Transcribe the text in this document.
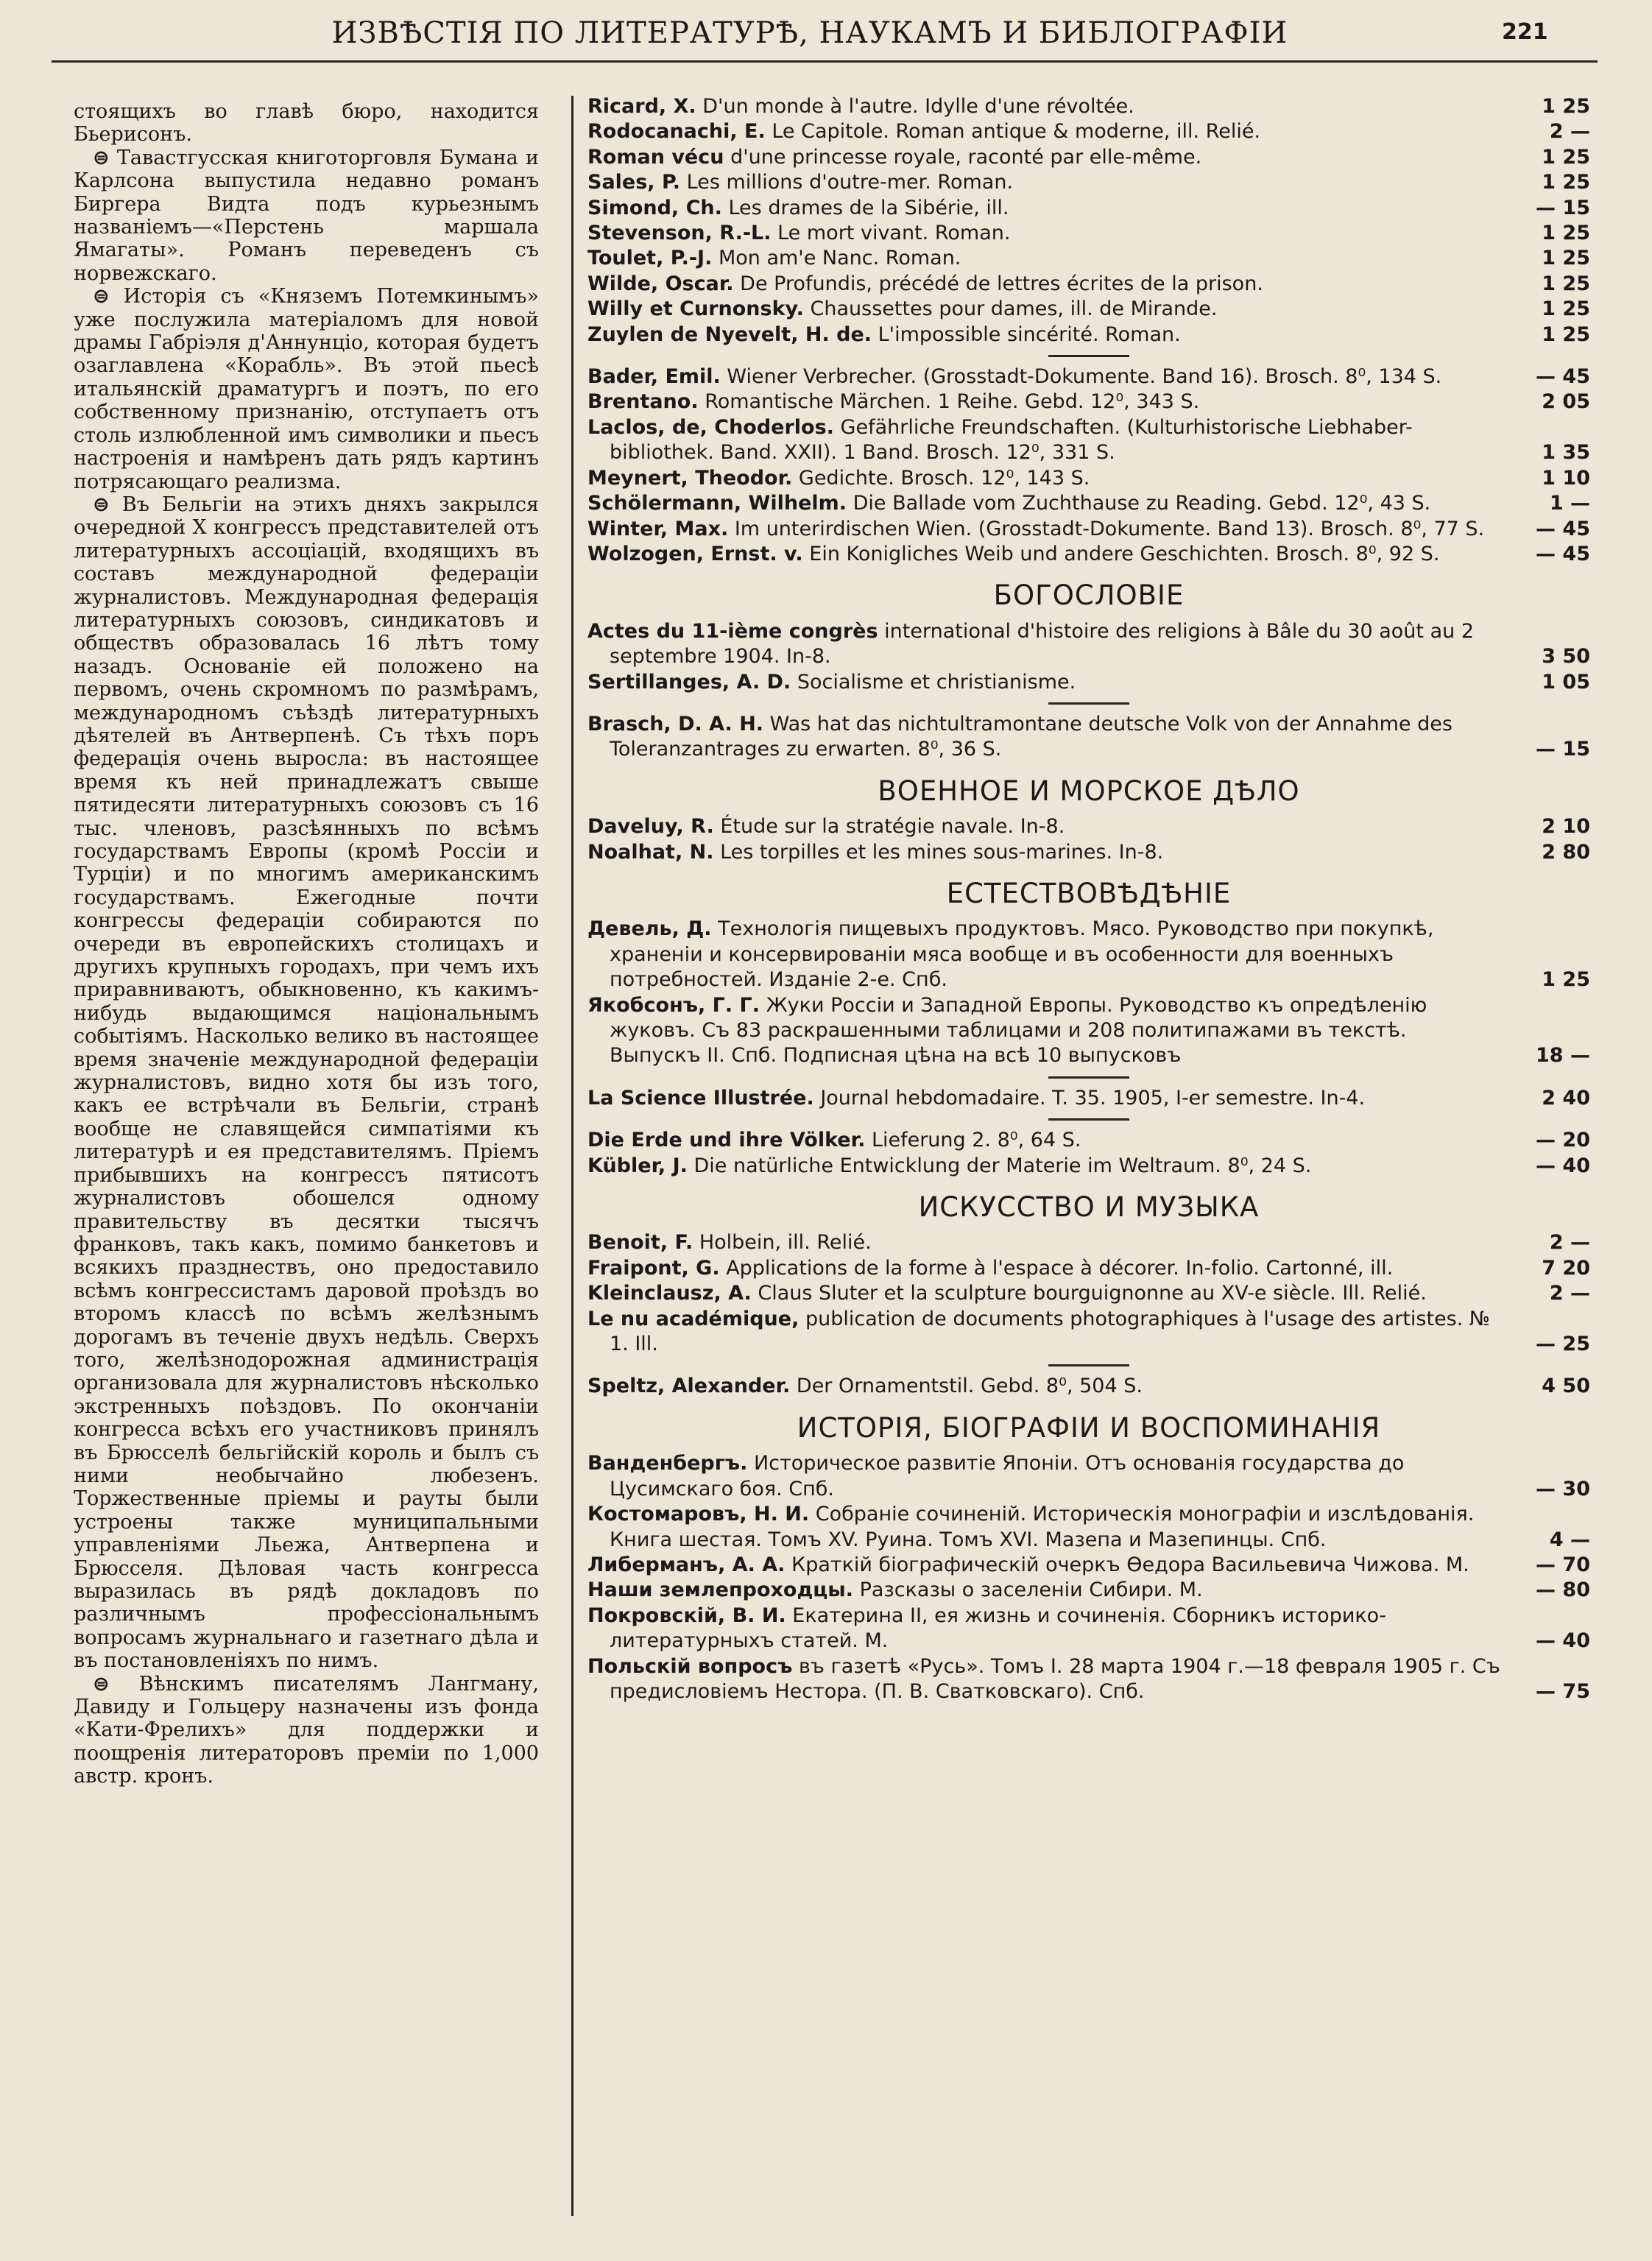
ИЗВѢСТІЯ ПО ЛИТЕРАТУРѢ, НАУКАМЪ И БИБЛОГРАФІИ	221

стоящихъ во главѣ бюро, находится Бьерисонъ.

⊜ Тавастгусская книготорговля Бумана и Карлсона выпустила недавно романъ Биргера Видта подъ курьезнымъ названіемъ—«Перстень маршала Ямагаты». Романъ переведенъ съ норвежскаго.

⊜ Исторія съ «Княземъ Потемкинымъ» уже послужила матеріаломъ для новой драмы Габріэля д'Аннунціо, которая будетъ озаглавлена «Корабль». Въ этой пьесѣ итальянскій драматургъ и поэтъ, по его собственному признанію, отступаетъ отъ столь излюбленной имъ символики и пьесъ настроенія и намѣренъ дать рядъ картинъ потрясающаго реализма.

⊜ Въ Бельгіи на этихъ дняхъ закрылся очередной X конгрессъ представителей отъ литературныхъ ассоціацій, входящихъ въ составъ международной федераціи журналистовъ. Международная федерація литературныхъ союзовъ, синдикатовъ и обществъ образовалась 16 лѣтъ тому назадъ. Основаніе ей положено на первомъ, очень скромномъ по размѣрамъ, международномъ съѣздѣ литературныхъ дѣятелей въ Антверпенѣ. Съ тѣхъ поръ федерація очень выросла: въ настоящее время къ ней принадлежатъ свыше пятидесяти литературныхъ союзовъ съ 16 тыс. членовъ, разсѣянныхъ по всѣмъ государствамъ Европы (кромѣ Россіи и Турціи) и по многимъ американскимъ государствамъ. Ежегодные почти конгрессы федераціи собираются по очереди въ европейскихъ столицахъ и другихъ крупныхъ городахъ, при чемъ ихъ приравниваютъ, обыкновенно, къ какимъ-нибудь выдающимся національнымъ событіямъ. Насколько велико въ настоящее время значеніе международной федераціи журналистовъ, видно хотя бы изъ того, какъ ее встрѣчали въ Бельгіи, странѣ вообще не славящейся симпатіями къ литературѣ и ея представителямъ. Пріемъ прибывшихъ на конгрессъ пятисотъ журналистовъ обошелся одному правительству въ десятки тысячъ франковъ, такъ какъ, помимо банкетовъ и всякихъ празднествъ, оно предоставило всѣмъ конгрессистамъ даровой проѣздъ во второмъ классѣ по всѣмъ желѣзнымъ дорогамъ въ теченіе двухъ недѣль. Сверхъ того, желѣзнодорожная администрація организовала для журналистовъ нѣсколько экстренныхъ поѣздовъ. По окончаніи конгресса всѣхъ его участниковъ принялъ въ Брюсселѣ бельгійскій король и былъ съ ними необычайно любезенъ. Торжественные пріемы и рауты были устроены также муниципальными управленіями Льежа, Антверпена и Брюсселя. Дѣловая часть конгресса выразилась въ рядѣ докладовъ по различнымъ профессіональнымъ вопросамъ журнальнаго и газетнаго дѣла и въ постановленіяхъ по нимъ.

⊜ Вѣнскимъ писателямъ Лангману, Давиду и Гольцеру назначены изъ фонда «Кати-Фрелихъ» для поддержки и поощренія литераторовъ преміи по 1,000 австр. кронъ.

Ricard, X. D'un monde à l'autre. Idylle d'une révoltée.	1 25
Rodocanachi, E. Le Capitole. Roman antique & moderne, ill. Relié.	2 —
Roman vécu d'une princesse royale, raconté par elle-même.	1 25
Sales, P. Les millions d'outre-mer. Roman.	1 25
Simond, Ch. Les drames de la Sibérie, ill.	— 15
Stevenson, R.-L. Le mort vivant. Roman.	1 25
Toulet, P.-J. Mon am'e Nanc. Roman.	1 25
Wilde, Oscar. De Profundis, précédé de lettres écrites de la prison.	1 25
Willy et Curnonsky. Chaussettes pour dames, ill. de Mirande.	1 25
Zuylen de Nyevelt, H. de. L'impossible sincérité. Roman.	1 25
Bader, Emil. Wiener Verbrecher. (Grosstadt-Dokumente. Band 16). Brosch. 8⁰, 134 S.	— 45
Brentano. Romantische Märchen. 1 Reihe. Gebd. 12⁰, 343 S.	2 05
Laclos, de, Choderlos. Gefährliche Freundschaften. (Kulturhistorische Liebhaber-bibliothek. Band. XXII). 1 Band. Brosch. 12⁰, 331 S.	1 35
Meynert, Theodor. Gedichte. Brosch. 12⁰, 143 S.	1 10
Schölermann, Wilhelm. Die Ballade vom Zuchthause zu Reading. Gebd. 12⁰, 43 S.	1 —
Winter, Max. Im unterirdischen Wien. (Grosstadt-Dokumente. Band 13). Brosch. 8⁰, 77 S.	— 45
Wolzogen, Ernst. v. Ein Konigliches Weib und andere Geschichten. Brosch. 8⁰, 92 S.	— 45
БОГОСЛОВІЕ
Actes du 11-ième congrès international d'histoire des religions à Bâle du 30 août au 2 septembre 1904. In-8.	3 50
Sertillanges, A. D. Socialisme et christianisme.	1 05
Brasch, D. A. H. Was hat das nichtultramontane deutsche Volk von der Annahme des Toleranzantrages zu erwarten. 8⁰, 36 S.	— 15
ВОЕННОЕ И МОРСКОЕ ДѢЛО
Daveluy, R. Étude sur la stratégie navale. In-8.	2 10
Noalhat, N. Les torpilles et les mines sous-marines. In-8.	2 80
ЕСТЕСТВОВѢДѢНІЕ
Девель, Д. Технологія пищевыхъ продуктовъ. Мясо. Руководство при покупкѣ, храненіи и консервированіи мяса вообще и въ особенности для военныхъ потребностей. Изданіе 2-е. Спб.	1 25
Якобсонъ, Г. Г. Жуки Россіи и Западной Европы. Руководство къ опредѣленію жуковъ. Съ 83 раскрашенными таблицами и 208 политипажами въ текстѣ. Выпускъ II. Спб. Подписная цѣна на всѣ 10 выпусковъ	18 —
La Science Illustrée. Journal hebdomadaire. T. 35. 1905, I-er semestre. In-4.	2 40
Die Erde und ihre Völker. Lieferung 2. 8⁰, 64 S.	— 20
Kübler, J. Die natürliche Entwicklung der Materie im Weltraum. 8⁰, 24 S.	— 40
ИСКУССТВО И МУЗЫКА
Benoit, F. Holbein, ill. Relié.	2 —
Fraipont, G. Applications de la forme à l'espace à décorer. In-folio. Cartonné, ill.	7 20
Kleinclausz, A. Claus Sluter et la sculpture bourguignonne au XV-e siècle. Ill. Relié.	2 —
Le nu académique, publication de documents photographiques à l'usage des artistes. № 1. Ill.	— 25
Speltz, Alexander. Der Ornamentstil. Gebd. 8⁰, 504 S.	4 50
ИСТОРІЯ, БІОГРАФІИ И ВОСПОМИНАНІЯ
Ванденбергъ. Историческое развитіе Японіи. Отъ основанія государства до Цусимскаго боя. Спб.	— 30
Костомаровъ, Н. И. Собраніе сочиненій. Историческія монографіи и изслѣдованія. Книга шестая. Томъ XV. Руина. Томъ XVI. Мазепа и Мазепинцы. Спб.	4 —
Либерманъ, А. А. Краткій біографическій очеркъ Өедора Васильевича Чижова. М.	— 70
Наши землепроходцы. Разсказы о заселеніи Сибири. М.	— 80
Покровскій, В. И. Екатерина II, ея жизнь и сочиненія. Сборникъ историко-литературныхъ статей. М.	— 40
Польскій вопросъ въ газетѣ «Русь». Томъ I. 28 марта 1904 г.—18 февраля 1905 г. Съ предисловіемъ Нестора. (П. В. Сватковскаго). Спб.	— 75
